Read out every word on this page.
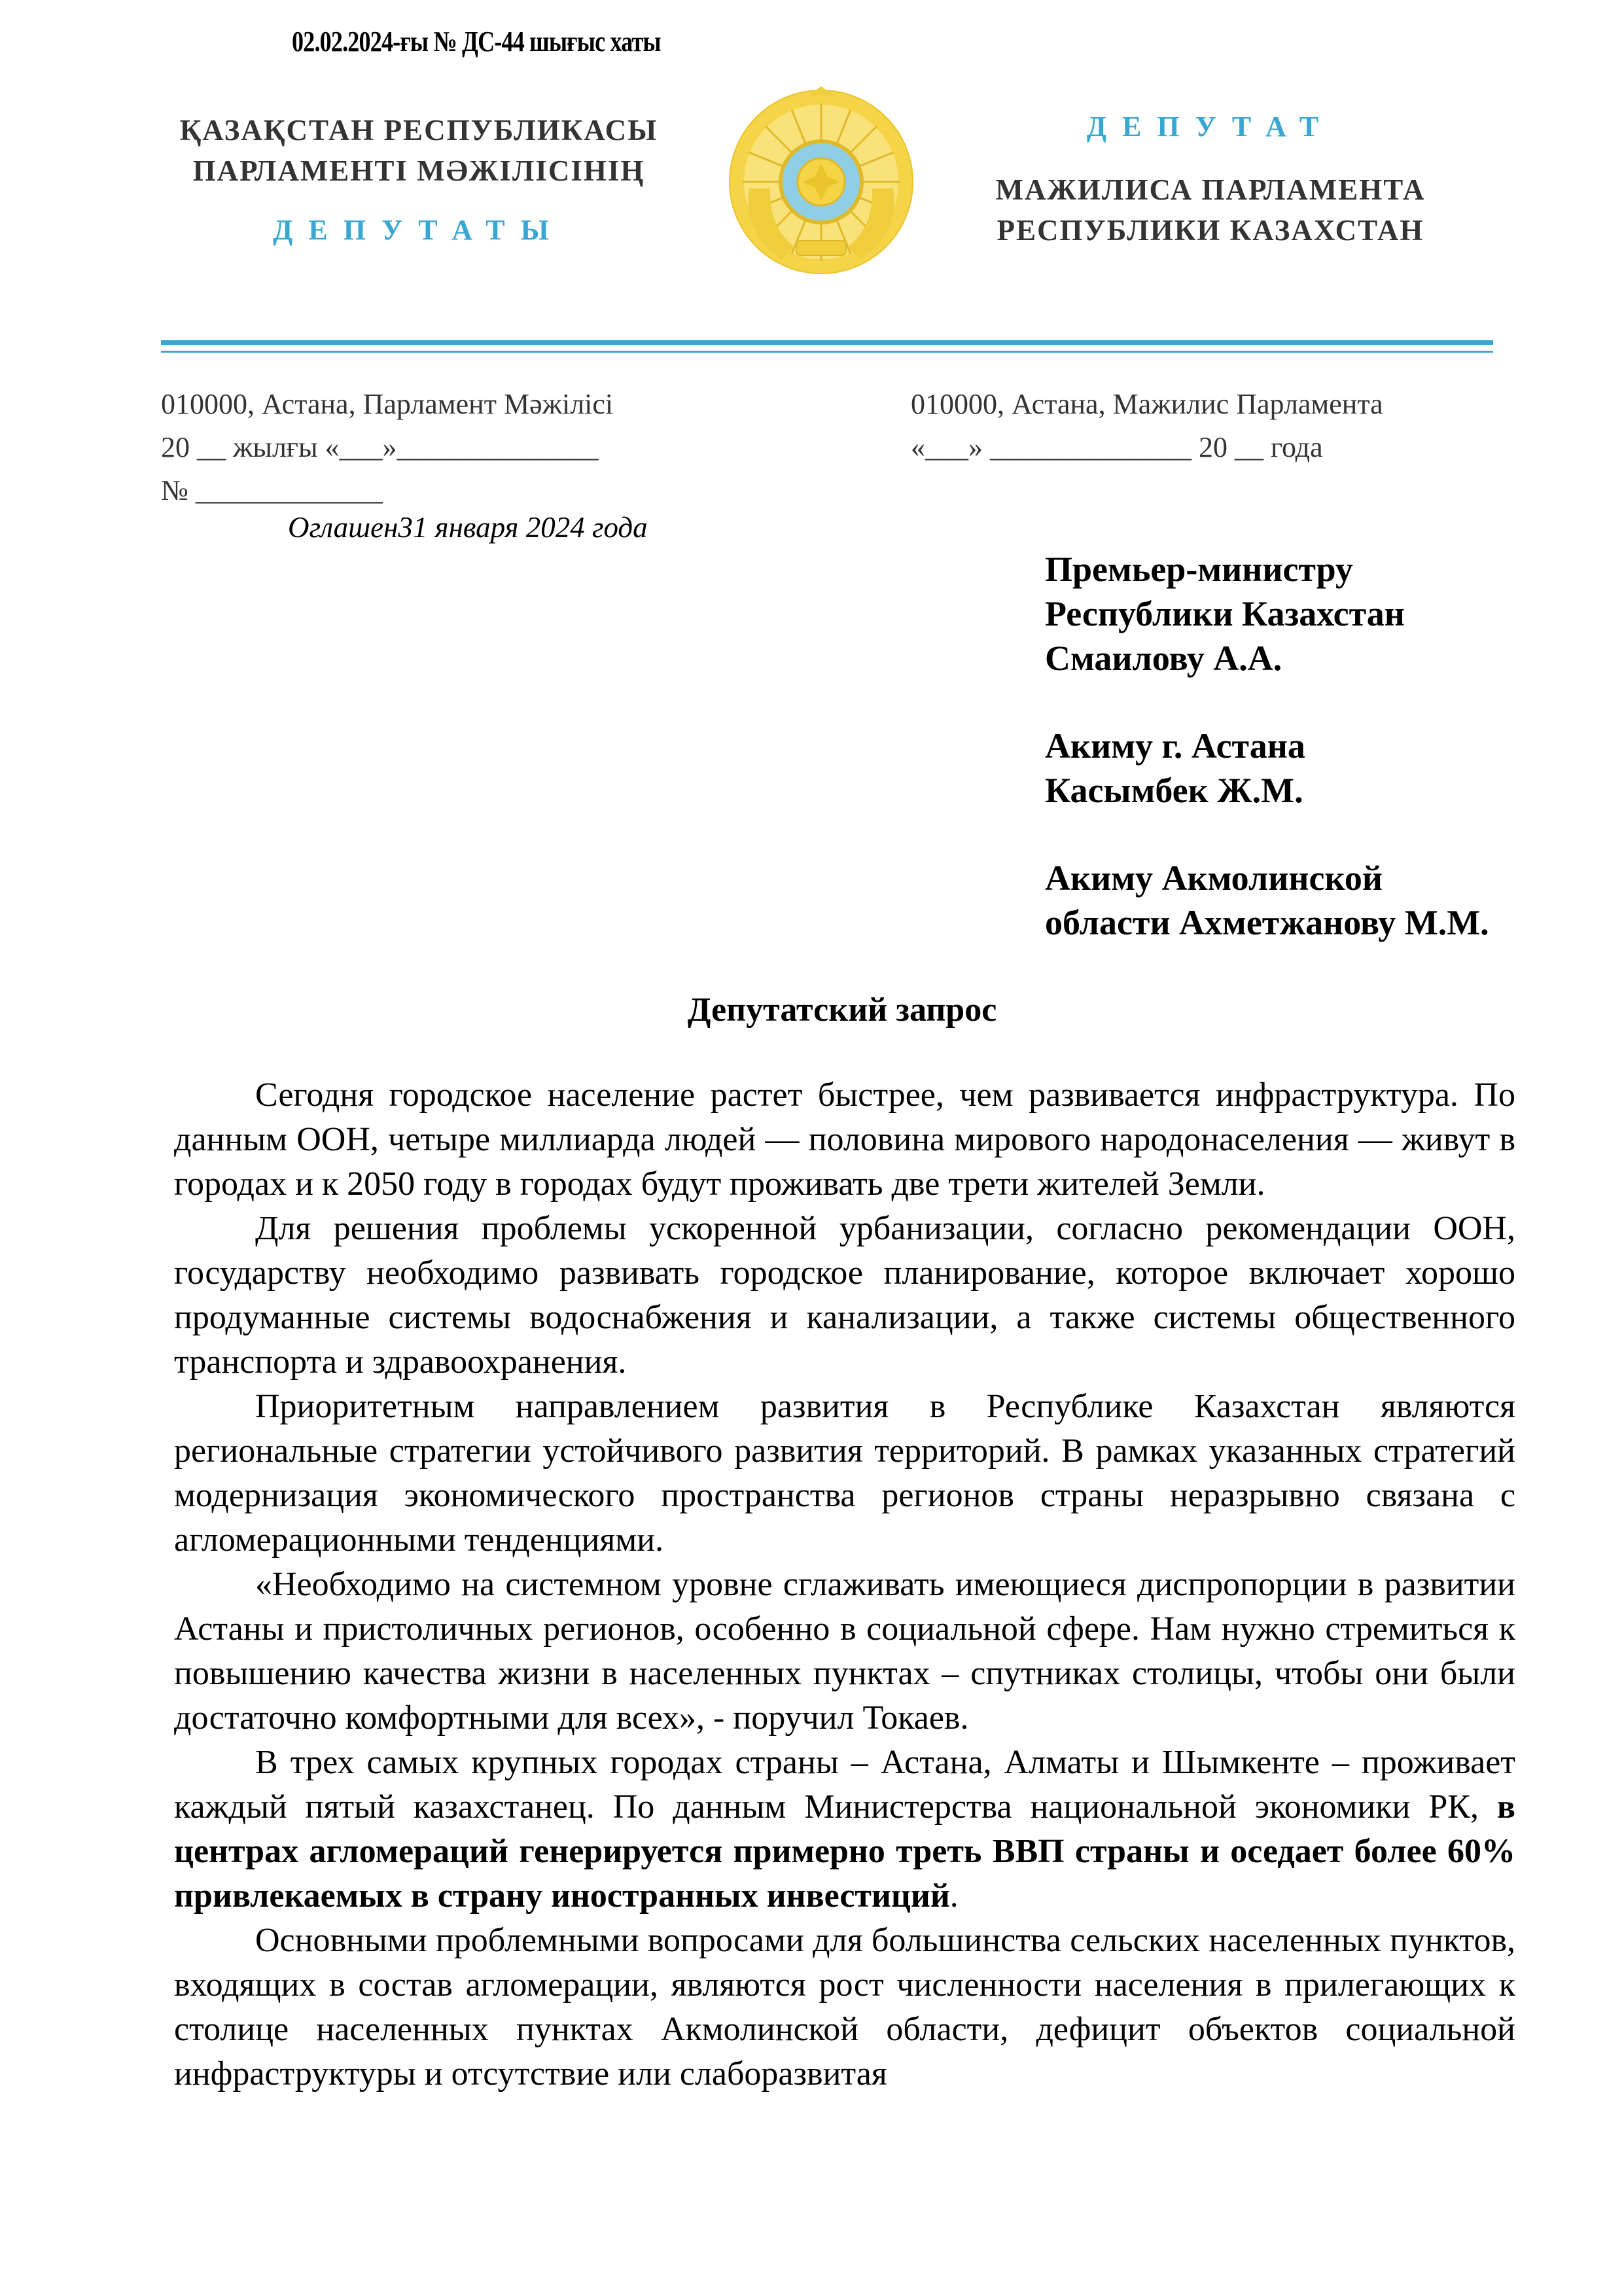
02.02.2024-ғы № ДС-44 шығыс хаты
ҚАЗАҚСТАН РЕСПУБЛИКАСЫ
ПАРЛАМЕНТІ МӘЖІЛІСІНІҢ
ДЕПУТАТЫ
ДЕПУТАТ
МАЖИЛИСА ПАРЛАМЕНТА
РЕСПУБЛИКИ КАЗАХСТАН
010000, Астана, Парламент Мәжілісі
20 __ жылғы «___»______________
№ _____________
010000, Астана, Мажилис Парламента
«___» ______________ 20 __ года
Оглашен31 января 2024 года
Премьер-министру
Республики Казахстан
Смаилову А.А.
Акиму г. Астана
Касымбек Ж.М.
Акиму Акмолинской
области Ахметжанову М.М.
Депутатский запрос

Сегодня городское население растет быстрее, чем развивается инфраструктура. По данным ООН, четыре миллиарда людей — половина мирового народонаселения — живут в городах и к 2050 году в городах будут проживать две трети жителей Земли.

Для решения проблемы ускоренной урбанизации, согласно рекомендации ООН, государству необходимо развивать городское планирование, которое включает хорошо продуманные системы водоснабжения и канализации, а также системы общественного транспорта и здравоохранения.

Приоритетным направлением развития в Республике Казахстан являются региональные стратегии устойчивого развития территорий. В рамках указанных стратегий модернизация экономического пространства регионов страны неразрывно связана с агломерационными тенденциями.

«Необходимо на системном уровне сглаживать имеющиеся диспропорции в развитии Астаны и пристоличных регионов, особенно в социальной сфере. Нам нужно стремиться к повышению качества жизни в населенных пунктах – спутниках столицы, чтобы они были достаточно комфортными для всех», - поручил Токаев.

В трех самых крупных городах страны – Астана, Алматы и Шымкенте – проживает каждый пятый казахстанец. По данным Министерства национальной экономики РК, в центрах агломераций генерируется примерно треть ВВП страны и оседает более 60% привлекаемых в страну иностранных инвестиций.

Основными проблемными вопросами для большинства сельских населенных пунктов, входящих в состав агломерации, являются рост численности населения в прилегающих к столице населенных пунктах Акмолинской области, дефицит объектов социальной инфраструктуры и отсутствие или слаборазвитая
